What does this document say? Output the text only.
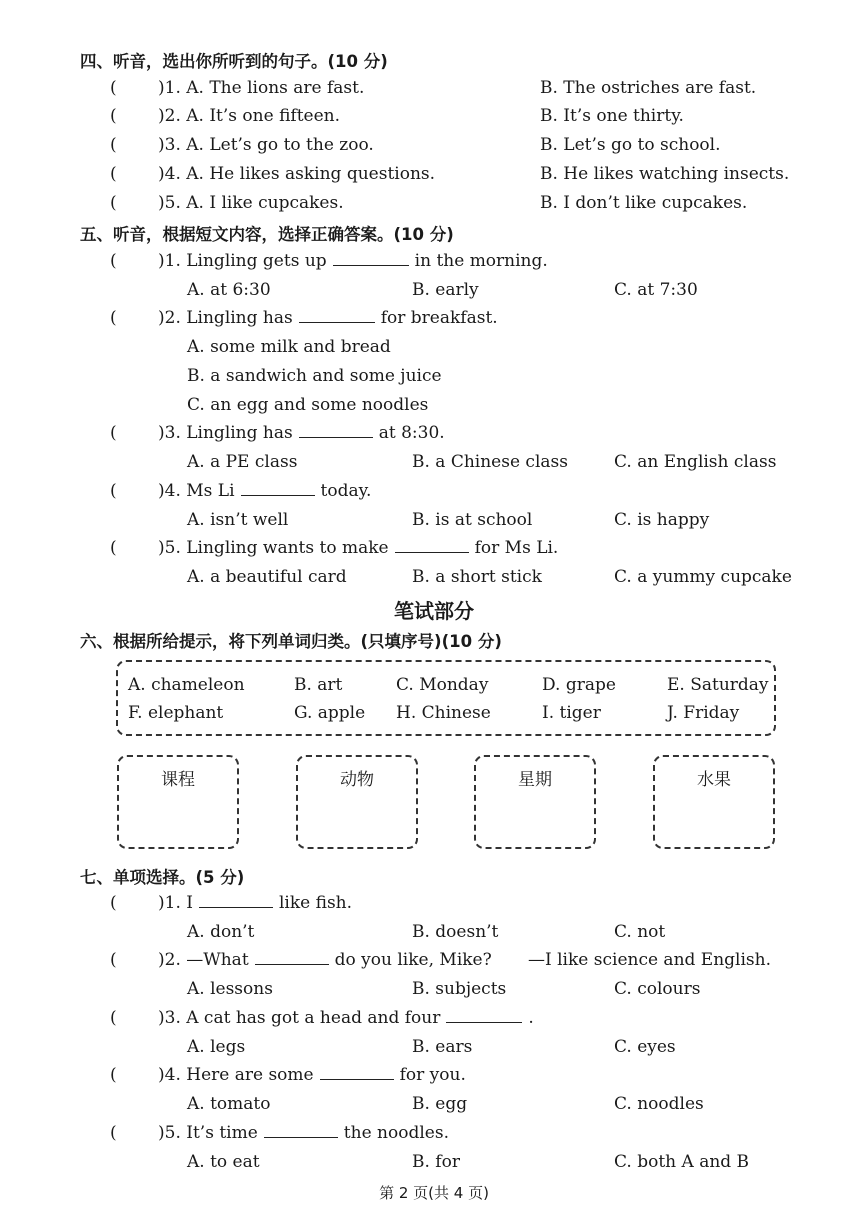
四、听音，选出你所听到的句子。(10 分)
( )1. A. The lions are fast.	B. The ostriches are fast.
( )2. A. It’s one fifteen.	B. It’s one thirty.
( )3. A. Let’s go to the zoo.	B. Let’s go to school.
( )4. A. He likes asking questions.	B. He likes watching insects.
( )5. A. I like cupcakes.	B. I don’t like cupcakes.
五、听音，根据短文内容，选择正确答案。(10 分)
( )1. Lingling gets up	in the morning.
A. at 6:30	B. early	C. at 7:30
( )2. Lingling has	for breakfast.
A. some milk and bread
B. a sandwich and some juice
C. an egg and some noodles
( )3. Lingling has	at 8:30.
A. a PE class	B. a Chinese class	C. an English class
( )4. Ms Li	today.
A. isn’t well	B. is at school	C. is happy
( )5. Lingling wants to make	for Ms Li.
A. a beautiful card	B. a short stick	C. a yummy cupcake
笔试部分
六、根据所给提示，将下列单词归类。(只填序号)(10 分)
A. chameleon	B. art	C. Monday	D. grape	E. Saturday
F. elephant	G. apple H. Chinese	I. tiger	J. Friday
课程	动物	星期	水果
七、单项选择。(5 分)
( )1. I	like fish.
A. don’t	B. doesn’t	C. not
( )2. —What	do you like, Mike? —I like science and English.
A. lessons	B. subjects	C. colours
( )3. A cat has got a head and four	.
A. legs	B. ears	C. eyes
( )4. Here are some	for you.
A. tomato	B. egg	C. noodles
( )5. It’s time	the noodles.
A. to eat	B. for	C. both A and B
第 2 页(共 4 页)
